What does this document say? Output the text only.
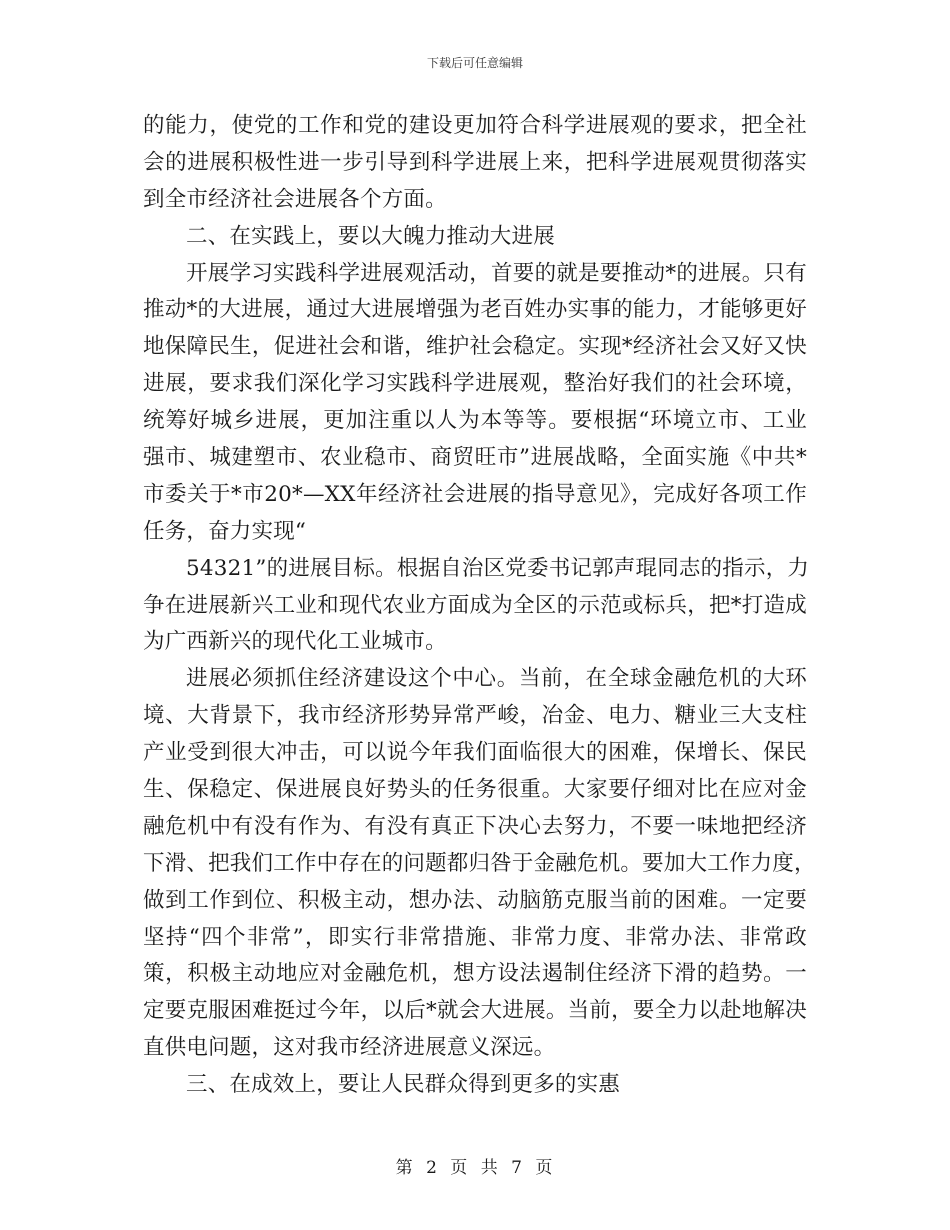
下载后可任意编辑
的能力，使党的工作和党的建设更加符合科学进展观的要求，把全社
会的进展积极性进一步引导到科学进展上来，把科学进展观贯彻落实
到全市经济社会进展各个方面。
二、在实践上，要以大魄力推动大进展
开展学习实践科学进展观活动，首要的就是要推动*的进展。只有
推动*的大进展，通过大进展增强为老百姓办实事的能力，才能够更好
地保障民生，促进社会和谐，维护社会稳定。实现*经济社会又好又快
进展，要求我们深化学习实践科学进展观，整治好我们的社会环境，
统筹好城乡进展，更加注重以人为本等等。要根据“环境立市、工业
强市、城建塑市、农业稳市、商贸旺市”进展战略，全面实施《中共*
市委关于*市20*—XX年经济社会进展的指导意见》，完成好各项工作
任务，奋力实现“
54321”的进展目标。根据自治区党委书记郭声琨同志的指示，力
争在进展新兴工业和现代农业方面成为全区的示范或标兵，把*打造成
为广西新兴的现代化工业城市。
进展必须抓住经济建设这个中心。当前，在全球金融危机的大环
境、大背景下，我市经济形势异常严峻，冶金、电力、糖业三大支柱
产业受到很大冲击，可以说今年我们面临很大的困难，保增长、保民
生、保稳定、保进展良好势头的任务很重。大家要仔细对比在应对金
融危机中有没有作为、有没有真正下决心去努力，不要一味地把经济
下滑、把我们工作中存在的问题都归咎于金融危机。要加大工作力度，
做到工作到位、积极主动，想办法、动脑筋克服当前的困难。一定要
坚持“四个非常”，即实行非常措施、非常力度、非常办法、非常政
策，积极主动地应对金融危机，想方设法遏制住经济下滑的趋势。一
定要克服困难挺过今年，以后*就会大进展。当前，要全力以赴地解决
直供电问题，这对我市经济进展意义深远。
三、在成效上，要让人民群众得到更多的实惠
第 2 页 共 7 页
